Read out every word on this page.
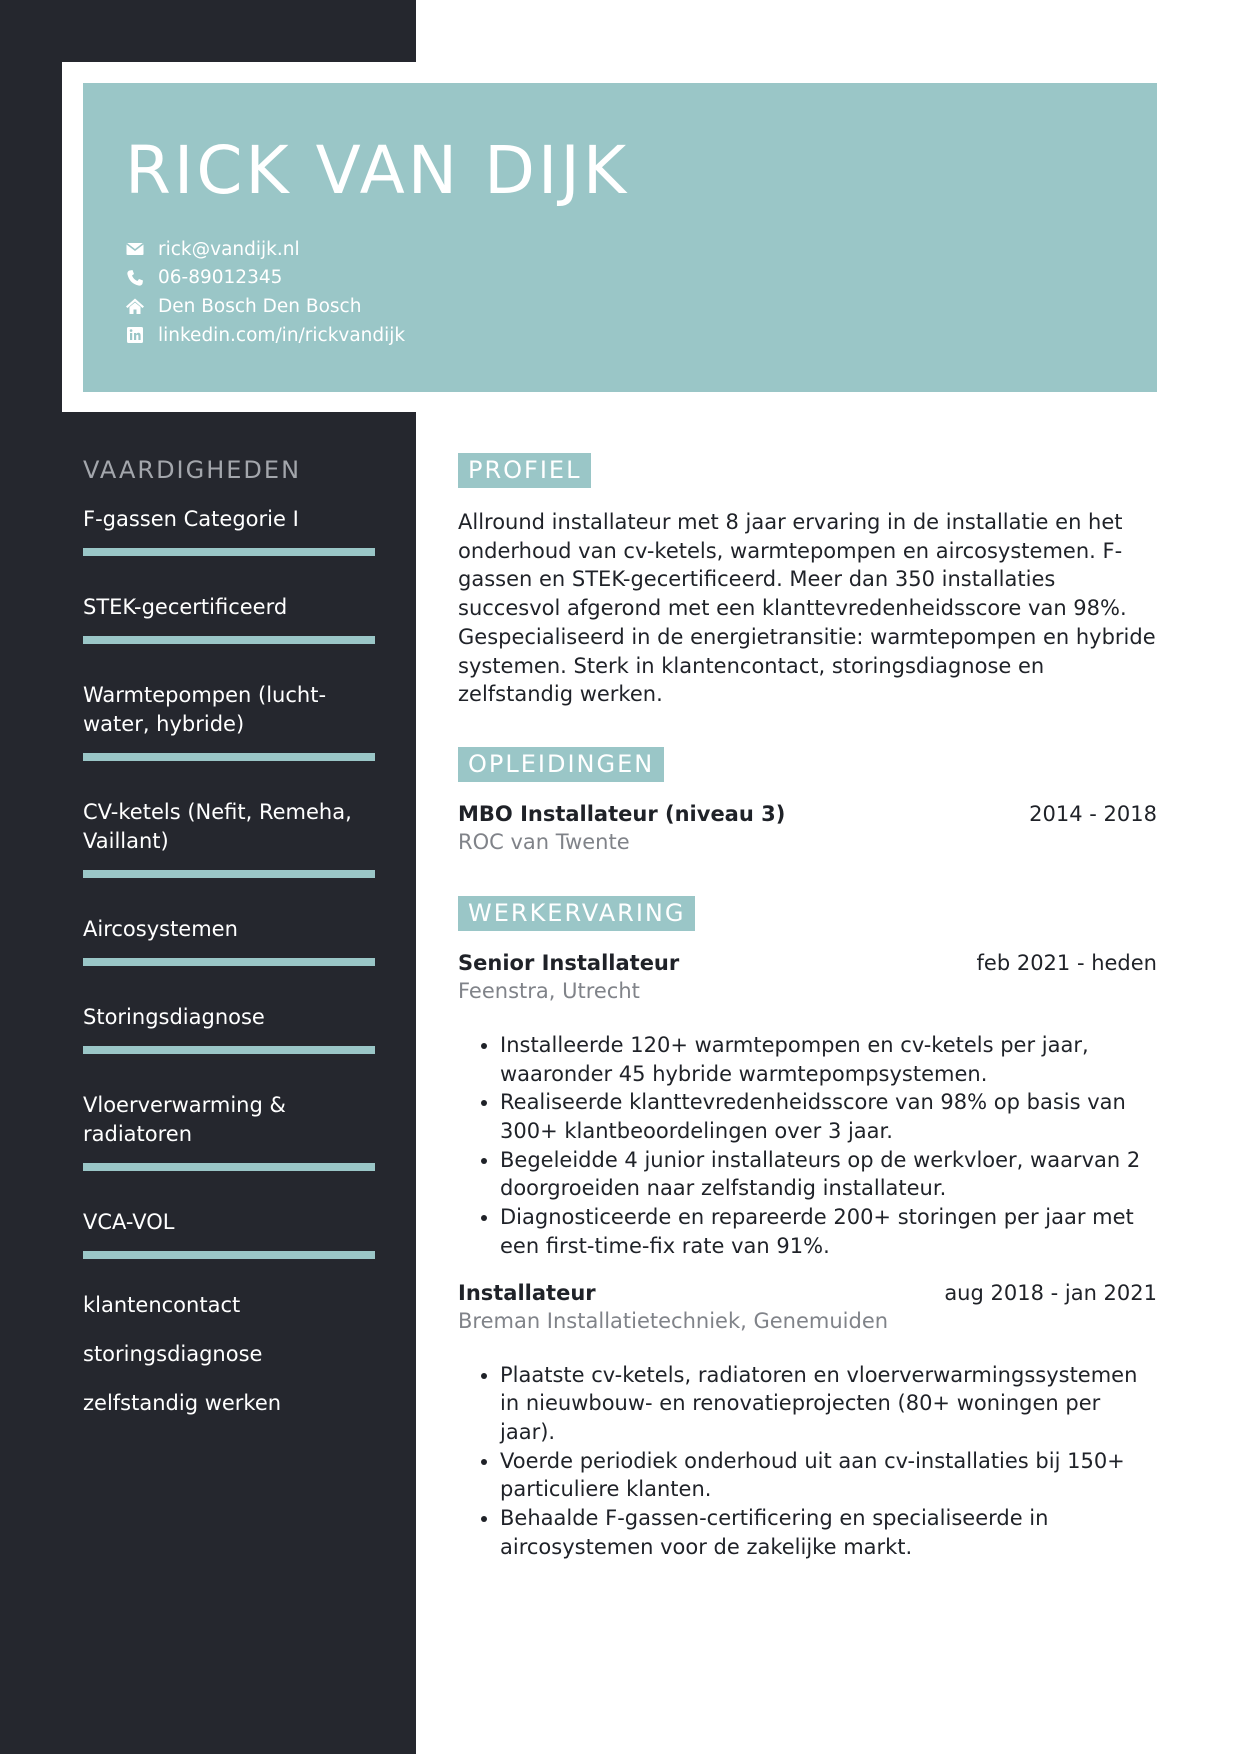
RICK VAN DIJK
rick@vandijk.nl
06-89012345
Den Bosch Den Bosch
linkedin.com/in/rickvandijk
VAARDIGHEDEN
F-gassen Categorie I
STEK-gecertificeerd
Warmtepompen (lucht-water, hybride)
CV-ketels (Nefit, Remeha, Vaillant)
Aircosystemen
Storingsdiagnose
Vloerverwarming & radiatoren
VCA-VOL
klantencontact
storingsdiagnose
zelfstandig werken
PROFIEL

Allround installateur met 8 jaar ervaring in de installatie en het onderhoud van cv-ketels, warmtepompen en aircosystemen. F-gassen en STEK-gecertificeerd. Meer dan 350 installaties succesvol afgerond met een klanttevredenheidsscore van 98%. Gespecialiseerd in de energietransitie: warmtepompen en hybride systemen. Sterk in klantencontact, storingsdiagnose en zelfstandig werken.

OPLEIDINGEN
MBO Installateur (niveau 3)	2014 - 2018
ROC van Twente
WERKERVARING
Senior Installateur	feb 2021 - heden
Feenstra, Utrecht
• Installeerde 120+ warmtepompen en cv-ketels per jaar, waaronder 45 hybride warmtepompsystemen.
• Realiseerde klanttevredenheidsscore van 98% op basis van 300+ klantbeoordelingen over 3 jaar.
• Begeleidde 4 junior installateurs op de werkvloer, waarvan 2 doorgroeiden naar zelfstandig installateur.
• Diagnosticeerde en repareerde 200+ storingen per jaar met een first-time-fix rate van 91%.
Installateur	aug 2018 - jan 2021
Breman Installatietechniek, Genemuiden
• Plaatste cv-ketels, radiatoren en vloerverwarmingssystemen in nieuwbouw- en renovatieprojecten (80+ woningen per jaar).
• Voerde periodiek onderhoud uit aan cv-installaties bij 150+ particuliere klanten.
• Behaalde F-gassen-certificering en specialiseerde in aircosystemen voor de zakelijke markt.
